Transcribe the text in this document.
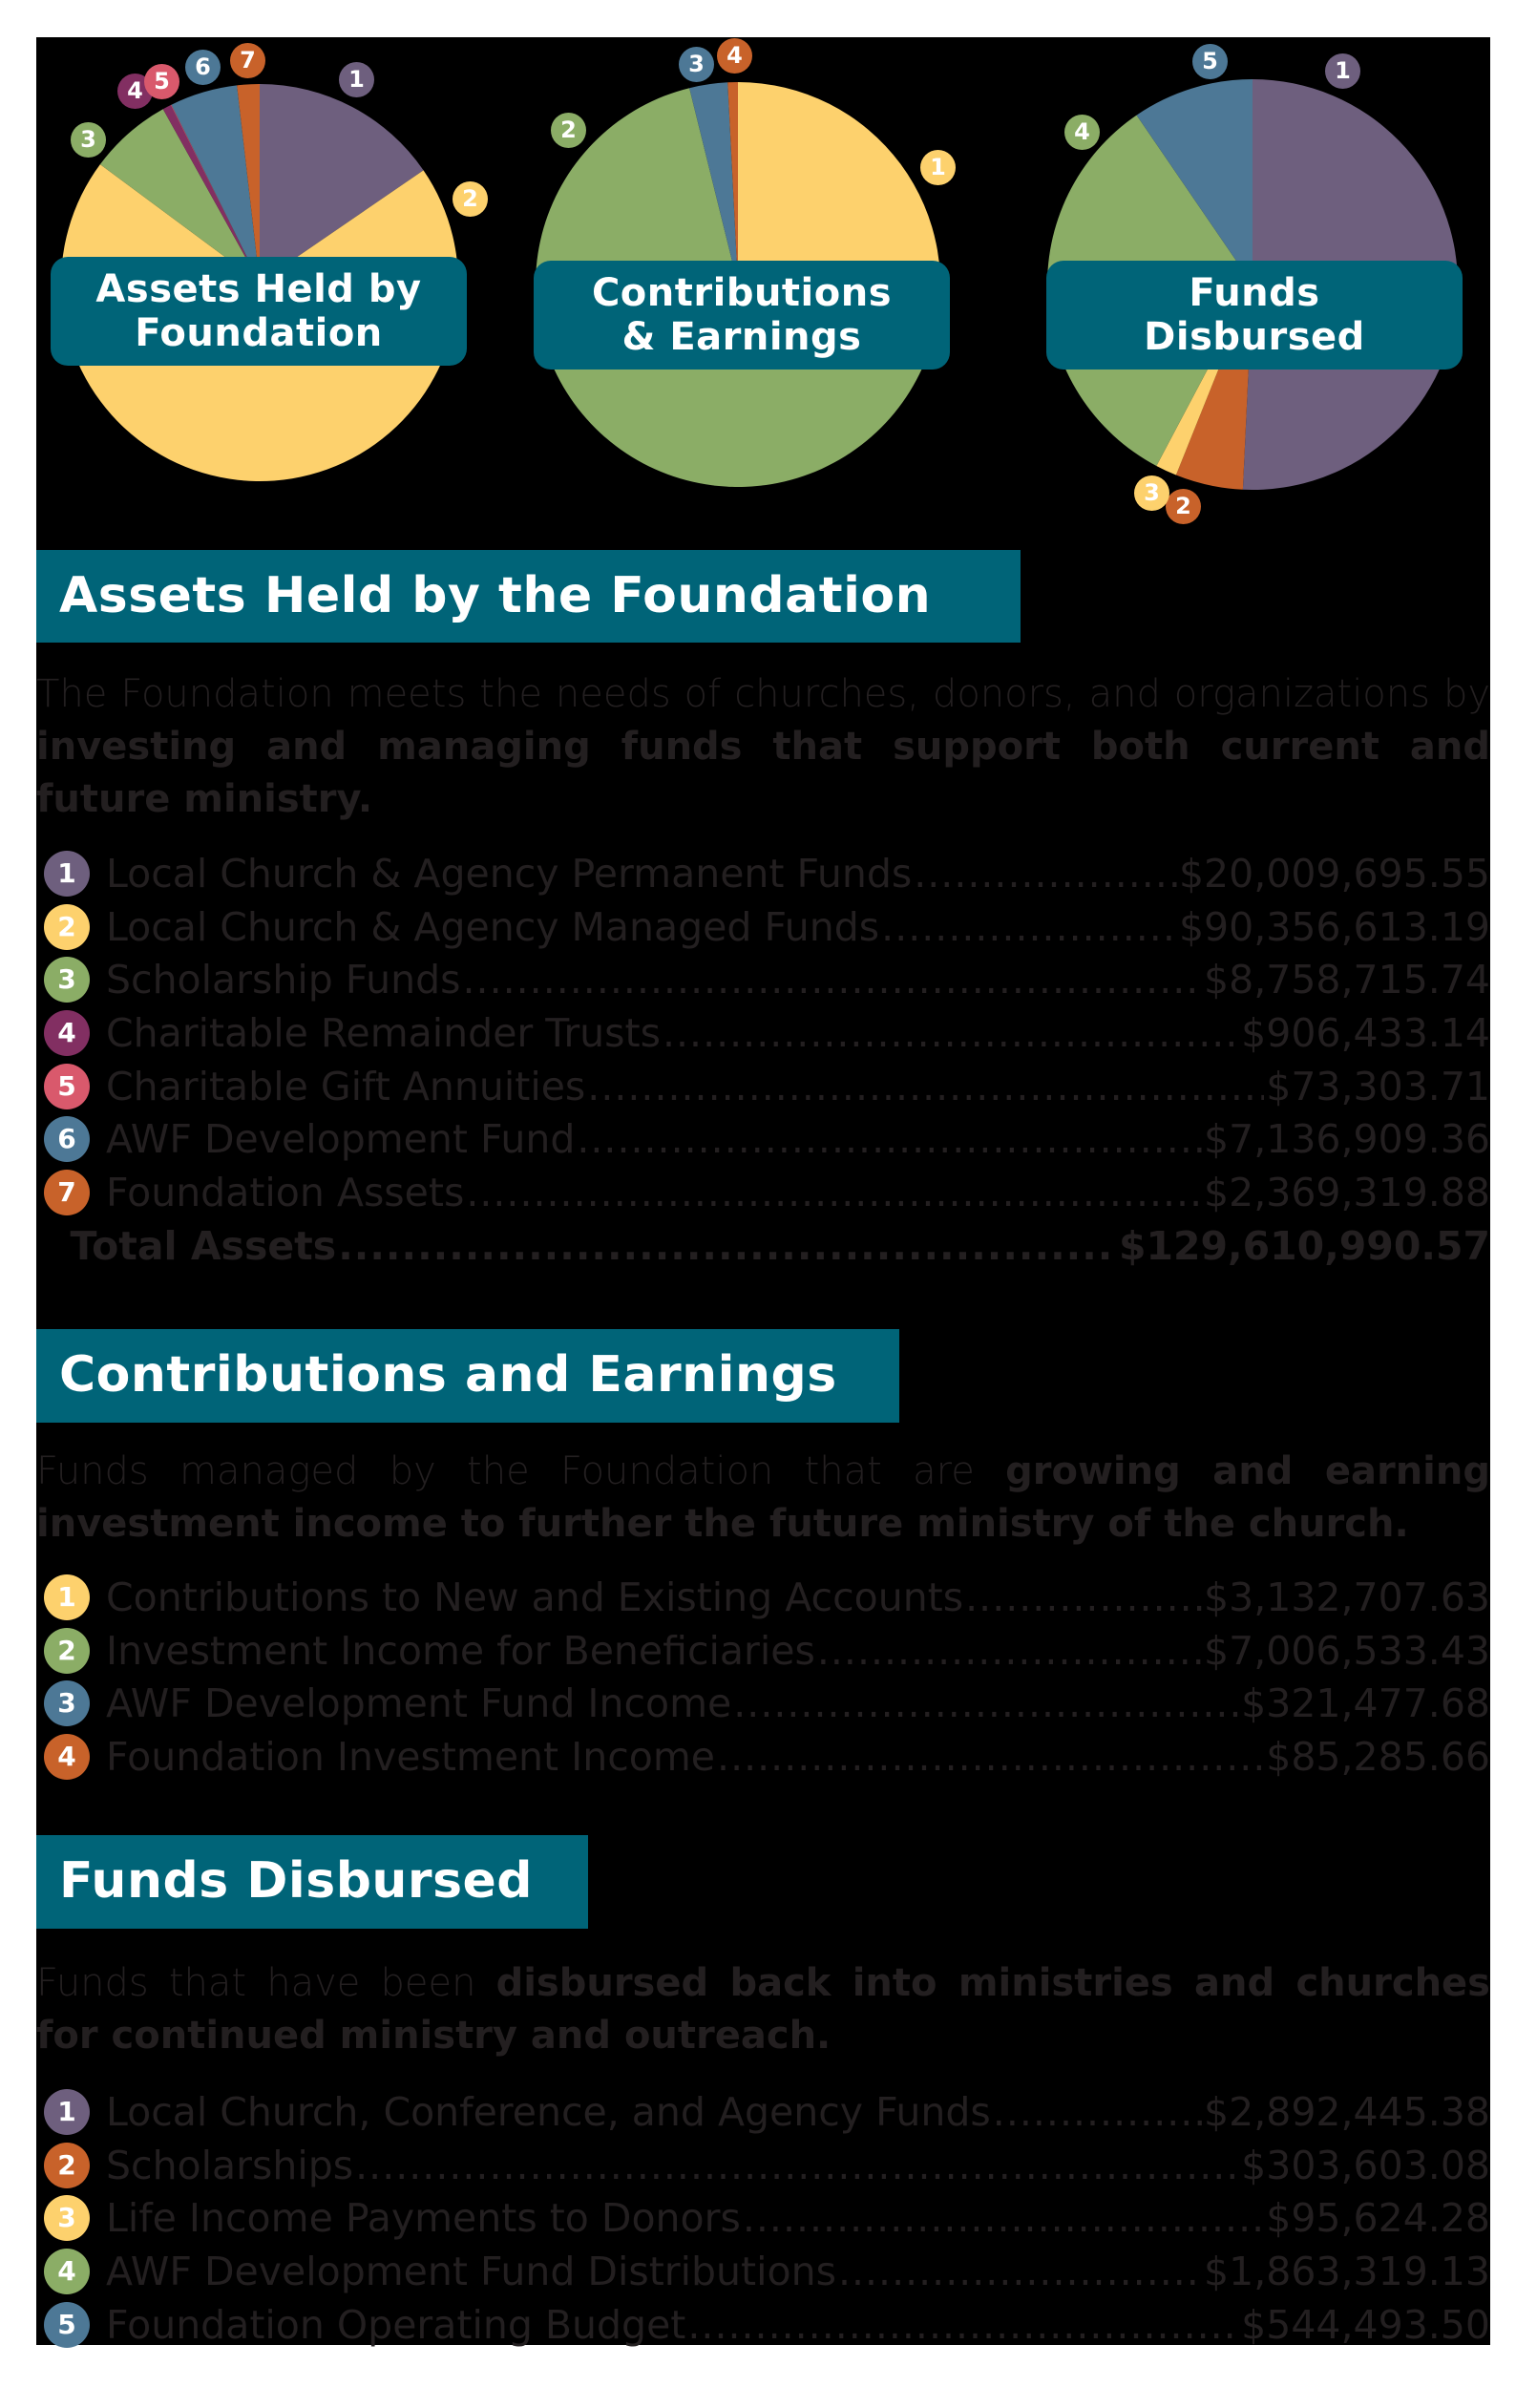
1
2
3
4 5
6	7
Assets Held by
Foundation
1
2
3 4
Contributions
& Earnings
1
2
3
4
5
Funds
Disbursed
Assets Held by the Foundation
The Foundation meets the needs of churches, donors, and organizations by investing and managing funds that support both current and future ministry.
1 Local Church & Agency Permanent Funds .....	$20,009,695.55
2 Local Church & Agency Managed Funds .....	$90,356,613.19
3 Scholarship Funds .....	$8,758,715.74
4 Charitable Remainder Trusts .....	$906,433.14
5 Charitable Gift Annuities .....	$73,303.71
6 AWF Development Fund .....	$7,136,909.36
7 Foundation Assets .....	$2,369,319.88
Total Assets .....	$129,610,990.57
Contributions and Earnings
Funds managed by the Foundation that are growing and earning investment income to further the future ministry of the church.
1 Contributions to New and Existing Accounts .....	$3,132,707.63
2 Investment Income for Beneficiaries .....	$7,006,533.43
3 AWF Development Fund Income .....	$321,477.68
4 Foundation Investment Income .....	$85,285.66
Funds Disbursed
Funds that have been disbursed back into ministries and churches for continued ministry and outreach.
1 Local Church, Conference, and Agency Funds .....	$2,892,445.38
2 Scholarships .....	$303,603.08
3 Life Income Payments to Donors .....	$95,624.28
4 AWF Development Fund Distributions .....	$1,863,319.13
5 Foundation Operating Budget .....	$544,493.50
